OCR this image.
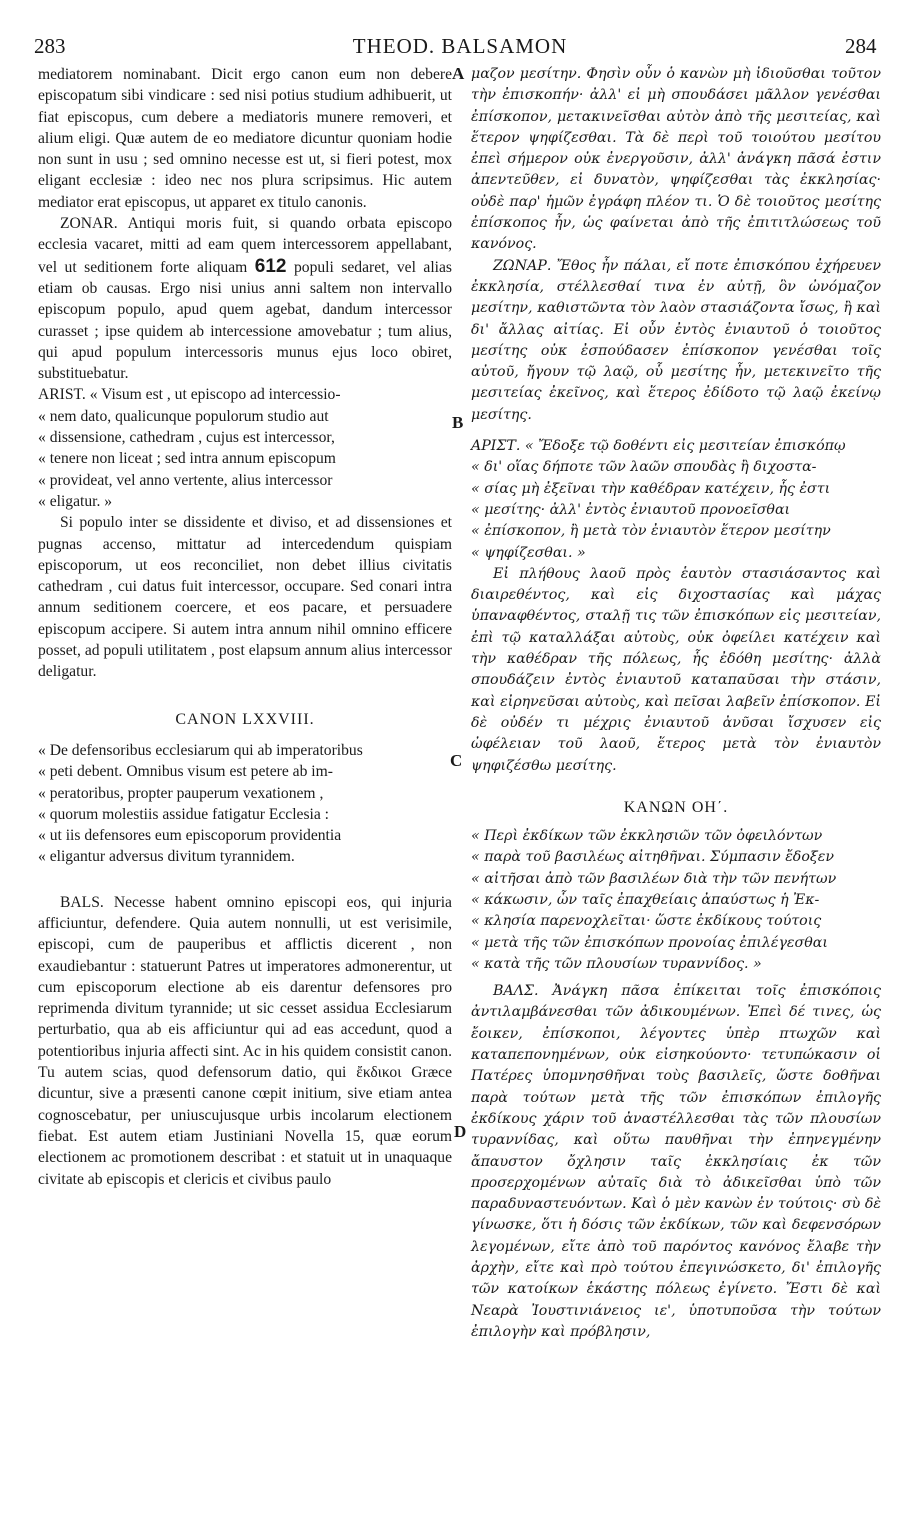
283	THEOD. BALSAMON	284
A
B
C
D

mediatorem nominabant. Dicit ergo canon eum non debere episcopatum sibi vindicare : sed nisi potius studium adhibuerit, ut fiat episcopus, cum debere a mediatoris munere removeri, et alium eligi. Quæ autem de eo mediatore dicuntur quoniam hodie non sunt in usu ; sed omnino necesse est ut, si fieri potest, mox eligant ecclesiæ : ideo nec nos plura scripsimus. Hic autem mediator erat episcopus, ut apparet ex titulo canonis.

ZONAR. Antiqui moris fuit, si quando orbata episcopo ecclesia vacaret, mitti ad eam quem intercessorem appellabant, vel ut seditionem forte aliquam 612 populi sedaret, vel alias etiam ob causas. Ergo nisi unius anni saltem non intervallo episcopum populo, apud quem agebat, dandum intercessor curasset ; ipse quidem ab intercessione amovebatur ; tum alius, qui apud populum intercessoris munus ejus loco obiret, substituebatur.

ARIST. « Visum est , ut episcopo ad intercessio-

« nem dato, qualicunque populorum studio aut

« dissensione, cathedram , cujus est intercessor,

« tenere non liceat ; sed intra annum episcopum

« provideat, vel anno vertente, alius intercessor

« eligatur. »

Si populo inter se dissidente et diviso, et ad dissensiones et pugnas accenso, mittatur ad intercedendum quispiam episcoporum, ut eos reconciliet, non debet illius civitatis cathedram , cui datus fuit intercessor, occupare. Sed conari intra annum seditionem coercere, et eos pacare, et persuadere episcopum accipere. Si autem intra annum nihil omnino efficere posset, ad populi utilitatem , post elapsum annum alius intercessor deligatur.

CANON LXXVIII.

« De defensoribus ecclesiarum qui ab imperatoribus

« peti debent. Omnibus visum est petere ab im-

« peratoribus, propter pauperum vexationem ,

« quorum molestiis assidue fatigatur Ecclesia :

« ut iis defensores eum episcoporum providentia

« eligantur adversus divitum tyrannidem.

BALS. Necesse habent omnino episcopi eos, qui injuria afficiuntur, defendere. Quia autem nonnulli, ut est verisimile, episcopi, cum de pauperibus et afflictis dicerent , non exaudiebantur : statuerunt Patres ut imperatores admonerentur, ut cum episcoporum electione ab eis darentur defensores pro reprimenda divitum tyrannide; ut sic cesset assidua Ecclesiarum perturbatio, qua ab eis afficiuntur qui ad eas accedunt, quod a potentioribus injuria affecti sint. Ac in his quidem consistit canon. Tu autem scias, quod defensorum datio, qui ἔκδικοι Græce dicuntur, sive a præsenti canone cœpit initium, sive etiam antea cognoscebatur, per uniuscujusque urbis incolarum electionem fiebat. Est autem etiam Justiniani Novella 15, quæ eorum electionem ac promotionem describat : et statuit ut in unaquaque civitate ab episcopis et clericis et civibus paulo

μαζον μεσίτην. Φησὶν οὖν ὁ κανὼν μὴ ἰδιοῦσθαι τοῦτον τὴν ἐπισκοπήν· ἀλλ' εἰ μὴ σπουδάσει μᾶλλον γενέσθαι ἐπίσκοπον, μετακινεῖσθαι αὐτὸν ἀπὸ τῆς μεσιτείας, καὶ ἕτερον ψηφίζεσθαι. Τὰ δὲ περὶ τοῦ τοιούτου μεσίτου ἐπεὶ σήμερον οὐκ ἐνεργοῦσιν, ἀλλ' ἀνάγκη πᾶσά ἐστιν ἀπεντεῦθεν, εἰ δυνατὸν, ψηφίζεσθαι τὰς ἐκκλησίας· οὐδὲ παρ' ἡμῶν ἐγράφη πλέον τι. Ὁ δὲ τοιοῦτος μεσίτης ἐπίσκοπος ἦν, ὡς φαίνεται ἀπὸ τῆς ἐπιτιτλώσεως τοῦ κανόνος.

ΖΩΝΑΡ. Ἔθος ἦν πάλαι, εἴ ποτε ἐπισκόπου ἐχήρευεν ἐκκλησία, στέλλεσθαί τινα ἐν αὐτῇ, ὃν ὠνόμαζον μεσίτην, καθιστῶντα τὸν λαὸν στασιάζοντα ἴσως, ἢ καὶ δι' ἄλλας αἰτίας. Εἰ οὖν ἐντὸς ἐνιαυτοῦ ὁ τοιοῦτος μεσίτης οὐκ ἐσπούδασεν ἐπίσκοπον γενέσθαι τοῖς αὐτοῦ, ἤγουν τῷ λαῷ, οὗ μεσίτης ἦν, μετεκινεῖτο τῆς μεσιτείας ἐκεῖνος, καὶ ἕτερος ἐδίδοτο τῷ λαῷ ἐκείνῳ μεσίτης.

ΑΡΙΣΤ. « Ἔδοξε τῷ δοθέντι εἰς μεσιτείαν ἐπισκόπῳ

« δι' οἵας δήποτε τῶν λαῶν σπουδὰς ἢ διχοστα-

« σίας μὴ ἐξεῖναι τὴν καθέδραν κατέχειν, ἧς ἐστι

« μεσίτης· ἀλλ' ἐντὸς ἐνιαυτοῦ προνοεῖσθαι

« ἐπίσκοπον, ἢ μετὰ τὸν ἐνιαυτὸν ἕτερον μεσίτην

« ψηφίζεσθαι. »

Εἰ πλήθους λαοῦ πρὸς ἑαυτὸν στασιάσαντος καὶ διαιρεθέντος, καὶ εἰς διχοστασίας καὶ μάχας ὑπαναφθέντος, σταλῇ τις τῶν ἐπισκόπων εἰς μεσιτείαν, ἐπὶ τῷ καταλλάξαι αὐτοὺς, οὐκ ὀφείλει κατέχειν καὶ τὴν καθέδραν τῆς πόλεως, ἧς ἐδόθη μεσίτης· ἀλλὰ σπουδάζειν ἐντὸς ἐνιαυτοῦ καταπαῦσαι τὴν στάσιν, καὶ εἰρηνεῦσαι αὐτοὺς, καὶ πεῖσαι λαβεῖν ἐπίσκοπον. Εἰ δὲ οὐδέν τι μέχρις ἐνιαυτοῦ ἀνῦσαι ἴσχυσεν εἰς ὠφέλειαν τοῦ λαοῦ, ἕτερος μετὰ τὸν ἐνιαυτὸν ψηφιζέσθω μεσίτης.

ΚΑΝΩΝ ΟΗ΄.

« Περὶ ἐκδίκων τῶν ἐκκλησιῶν τῶν ὀφειλόντων

« παρὰ τοῦ βασιλέως αἰτηθῆναι. Σύμπασιν ἔδοξεν

« αἰτῆσαι ἀπὸ τῶν βασιλέων διὰ τὴν τῶν πενήτων

« κάκωσιν, ὧν ταῖς ἐπαχθείαις ἀπαύστως ἡ Ἐκ-

« κλησία παρενοχλεῖται· ὥστε ἐκδίκους τούτοις

« μετὰ τῆς τῶν ἐπισκόπων προνοίας ἐπιλέγεσθαι

« κατὰ τῆς τῶν πλουσίων τυραννίδος. »

ΒΑΛΣ. Ἀνάγκη πᾶσα ἐπίκειται τοῖς ἐπισκόποις ἀντιλαμβάνεσθαι τῶν ἀδικουμένων. Ἐπεὶ δέ τινες, ὡς ἔοικεν, ἐπίσκοποι, λέγοντες ὑπὲρ πτωχῶν καὶ καταπεπονημένων, οὐκ εἰσηκούοντο· τετυπώκασιν οἱ Πατέρες ὑπομνησθῆναι τοὺς βασιλεῖς, ὥστε δοθῆναι παρὰ τούτων μετὰ τῆς τῶν ἐπισκόπων ἐπιλογῆς ἐκδίκους χάριν τοῦ ἀναστέλλεσθαι τὰς τῶν πλουσίων τυραννίδας, καὶ οὕτω παυθῆναι τὴν ἐπηνεγμένην ἄπαυστον ὄχλησιν ταῖς ἐκκλησίαις ἐκ τῶν προσερχομένων αὐταῖς διὰ τὸ ἀδικεῖσθαι ὑπὸ τῶν παραδυναστευόντων. Καὶ ὁ μὲν κανὼν ἐν τούτοις· σὺ δὲ γίνωσκε, ὅτι ἡ δόσις τῶν ἐκδίκων, τῶν καὶ δεφενσόρων λεγομένων, εἴτε ἀπὸ τοῦ παρόντος κανόνος ἔλαβε τὴν ἀρχὴν, εἴτε καὶ πρὸ τούτου ἐπεγινώσκετο, δι' ἐπιλογῆς τῶν κατοίκων ἑκάστης πόλεως ἐγίνετο. Ἔστι δὲ καὶ Νεαρὰ Ἰουστινιάνειος ιε', ὑποτυποῦσα τὴν τούτων ἐπιλογὴν καὶ πρόβλησιν,
